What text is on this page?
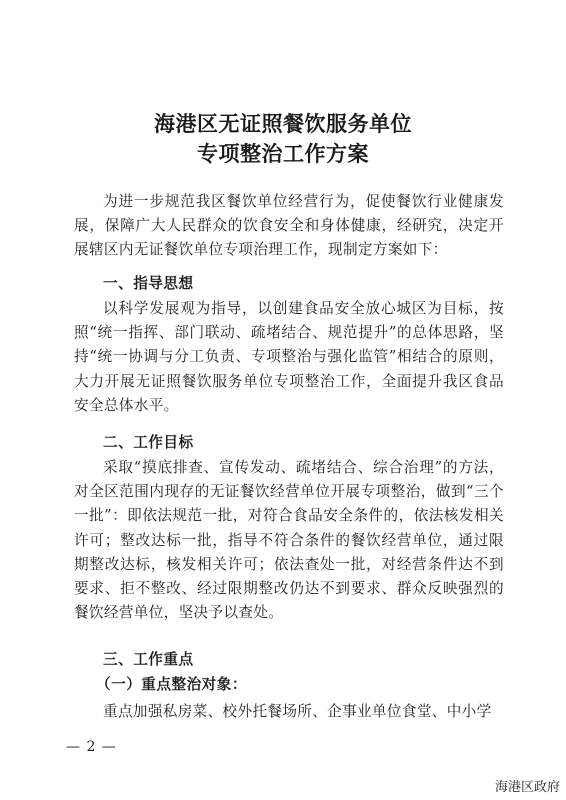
海港区无证照餐饮服务单位
专项整治工作方案
为进一步规范我区餐饮单位经营行为，促使餐饮行业健康发展，保障广大人民群众的饮食安全和身体健康，经研究，决定开展辖区内无证餐饮单位专项治理工作，现制定方案如下：
一、指导思想
以科学发展观为指导，以创建食品安全放心城区为目标，按照“统一指挥、部门联动、疏堵结合、规范提升”的总体思路，坚持“统一协调与分工负责、专项整治与强化监管”相结合的原则，大力开展无证照餐饮服务单位专项整治工作，全面提升我区食品安全总体水平。
二、工作目标
采取“摸底排查、宣传发动、疏堵结合、综合治理”的方法，对全区范围内现存的无证餐饮经营单位开展专项整治，做到“三个一批”：即依法规范一批，对符合食品安全条件的，依法核发相关许可；整改达标一批，指导不符合条件的餐饮经营单位，通过限期整改达标，核发相关许可；依法查处一批，对经营条件达不到要求、拒不整改、经过限期整改仍达不到要求、群众反映强烈的餐饮经营单位，坚决予以查处。
三、工作重点
（一）重点整治对象：
重点加强私房菜、校外托餐场所、企事业单位食堂、中小学
— 2 —
海港区政府
